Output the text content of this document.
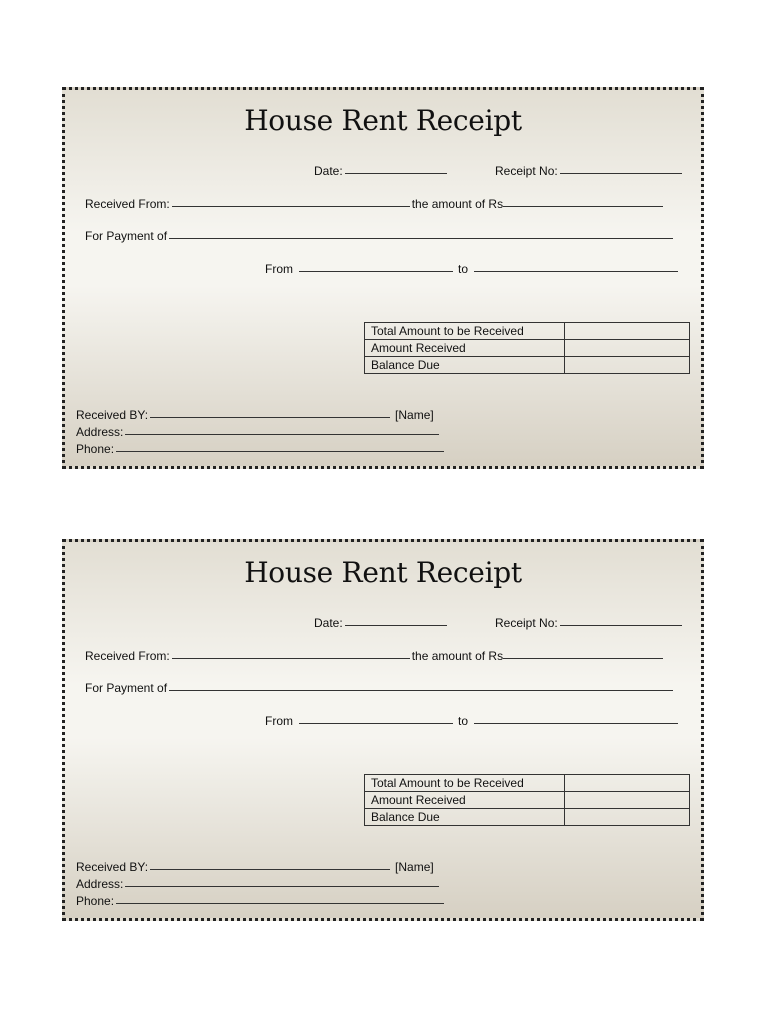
House Rent Receipt
Date:	Receipt No:
Received From:	the amount of Rs
For Payment of
From	to
Total Amount to be Received	
Amount Received	
Balance Due	
Received BY:	[Name]
Address:
Phone:
House Rent Receipt
Date:	Receipt No:
Received From:	the amount of Rs
For Payment of
From	to
Total Amount to be Received	
Amount Received	
Balance Due	
Received BY:	[Name]
Address:
Phone:
